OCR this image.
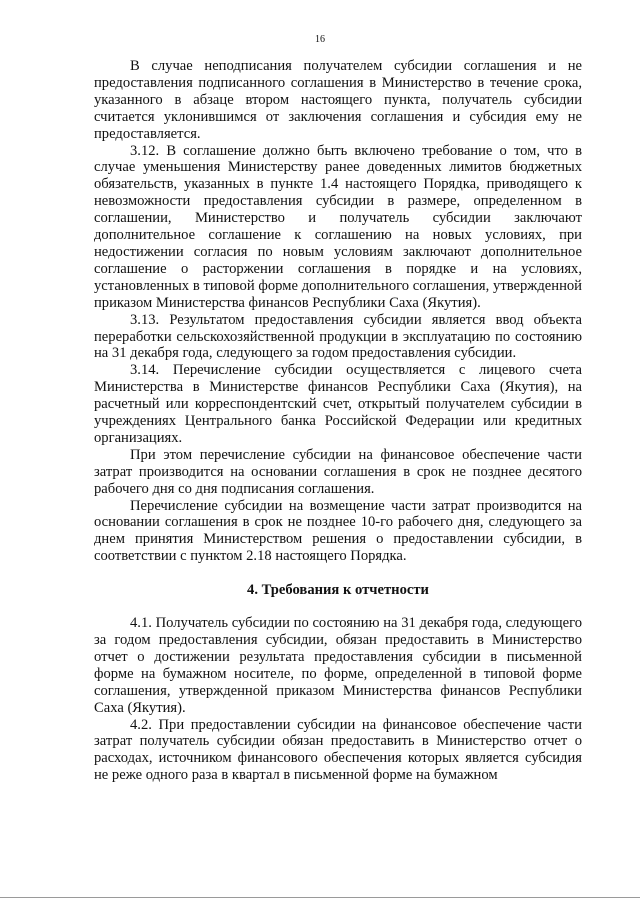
16

В случае неподписания получателем субсидии соглашения и не предоставления подписанного соглашения в Министерство в течение срока, указанного в абзаце втором настоящего пункта, получатель субсидии считается уклонившимся от заключения соглашения и субсидия ему не предоставляется.

3.12. В соглашение должно быть включено требование о том, что в случае уменьшения Министерству ранее доведенных лимитов бюджетных обязательств, указанных в пункте 1.4 настоящего Порядка, приводящего к невозможности предоставления субсидии в размере, определенном в соглашении, Министерство и получатель субсидии заключают дополнительное соглашение к соглашению на новых условиях, при недостижении согласия по новым условиям заключают дополнительное соглашение о расторжении соглашения в порядке и на условиях, установленных в типовой форме дополнительного соглашения, утвержденной приказом Министерства финансов Республики Саха (Якутия).

3.13. Результатом предоставления субсидии является ввод объекта переработки сельскохозяйственной продукции в эксплуатацию по состоянию на 31 декабря года, следующего за годом предоставления субсидии.

3.14. Перечисление субсидии осуществляется с лицевого счета Министерства в Министерстве финансов Республики Саха (Якутия), на расчетный или корреспондентский счет, открытый получателем субсидии в учреждениях Центрального банка Российской Федерации или кредитных организациях.

При этом перечисление субсидии на финансовое обеспечение части затрат производится на основании соглашения в срок не позднее десятого рабочего дня со дня подписания соглашения.

Перечисление субсидии на возмещение части затрат производится на основании соглашения в срок не позднее 10-го рабочего дня, следующего за днем принятия Министерством решения о предоставлении субсидии, в соответствии с пунктом 2.18 настоящего Порядка.

4. Требования к отчетности

4.1. Получатель субсидии по состоянию на 31 декабря года, следующего за годом предоставления субсидии, обязан предоставить в Министерство отчет о достижении результата предоставления субсидии в письменной форме на бумажном носителе, по форме, определенной в типовой форме соглашения, утвержденной приказом Министерства финансов Республики Саха (Якутия).

4.2. При предоставлении субсидии на финансовое обеспечение части затрат получатель субсидии обязан предоставить в Министерство отчет о расходах, источником финансового обеспечения которых является субсидия не реже одного раза в квартал в письменной форме на бумажном
